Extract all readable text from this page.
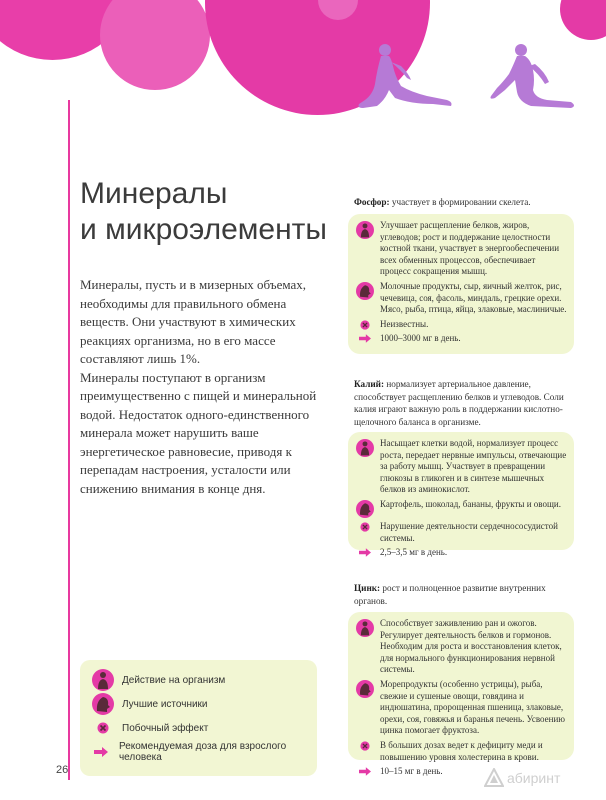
Минералы
и микроэлементы

Минералы, пусть и в мизерных объемах, необходимы для правильного обмена веществ. Они участвуют в химических реакциях организма, но в его массе составляют лишь 1%.

Минералы поступают в организм преимущественно с пищей и минеральной водой. Недостаток одного-единственного минерала может нарушить ваше энергетическое равновесие, приводя к перепадам настроения, усталости или снижению внимания в конце дня.

Действие на организм
Лучшие источники
Побочный эффект
Рекомендуемая доза для взрослого человека
26
Фосфор: участвует в формировании скелета.
Улучшает расщепление белков, жиров, углеводов; рост и поддержание целостности костной ткани, участвует в энергообеспечении всех обменных процессов, обеспечивает процесс сокращения мышц.
Молочные продукты, сыр, яичный желток, рис, чечевица, соя, фасоль, миндаль, грецкие орехи. Мясо, рыба, птица, яйца, злаковые, маслиничые.
Неизвестны.
1000–3000 мг в день.
Калий: нормализует артериальное давление, способствует расщеплению белков и углеводов. Соли калия играют важную роль в поддержании кислотно-щелочного баланса в организме.
Насыщает клетки водой, нормализует процесс роста, передает нервные импульсы, отвечающие за работу мышц. Участвует в превращении глюкозы в гликоген и в синтезе мышечных белков из аминокислот.
Картофель, шоколад, бананы, фрукты и овощи.
Нарушение деятельности сердечнососудистой системы.
2,5–3,5 мг в день.
Цинк: рост и полноценное развитие внутренних органов.
Способствует заживлению ран и ожогов. Регулирует деятельность белков и гормонов. Необходим для роста и восстановления клеток, для нормального функционирования нервной системы.
Морепродукты (особенно устрицы), рыба, свежие и сушеные овощи, говядина и индюшатина, пророщенная пшеница, злаковые, орехи, соя, говяжья и баранья печень. Усвоению цинка помогает фруктоза.
В больших дозах ведет к дефициту меди и повышению уровня холестерина в крови.
10–15 мг в день.	абиринт
